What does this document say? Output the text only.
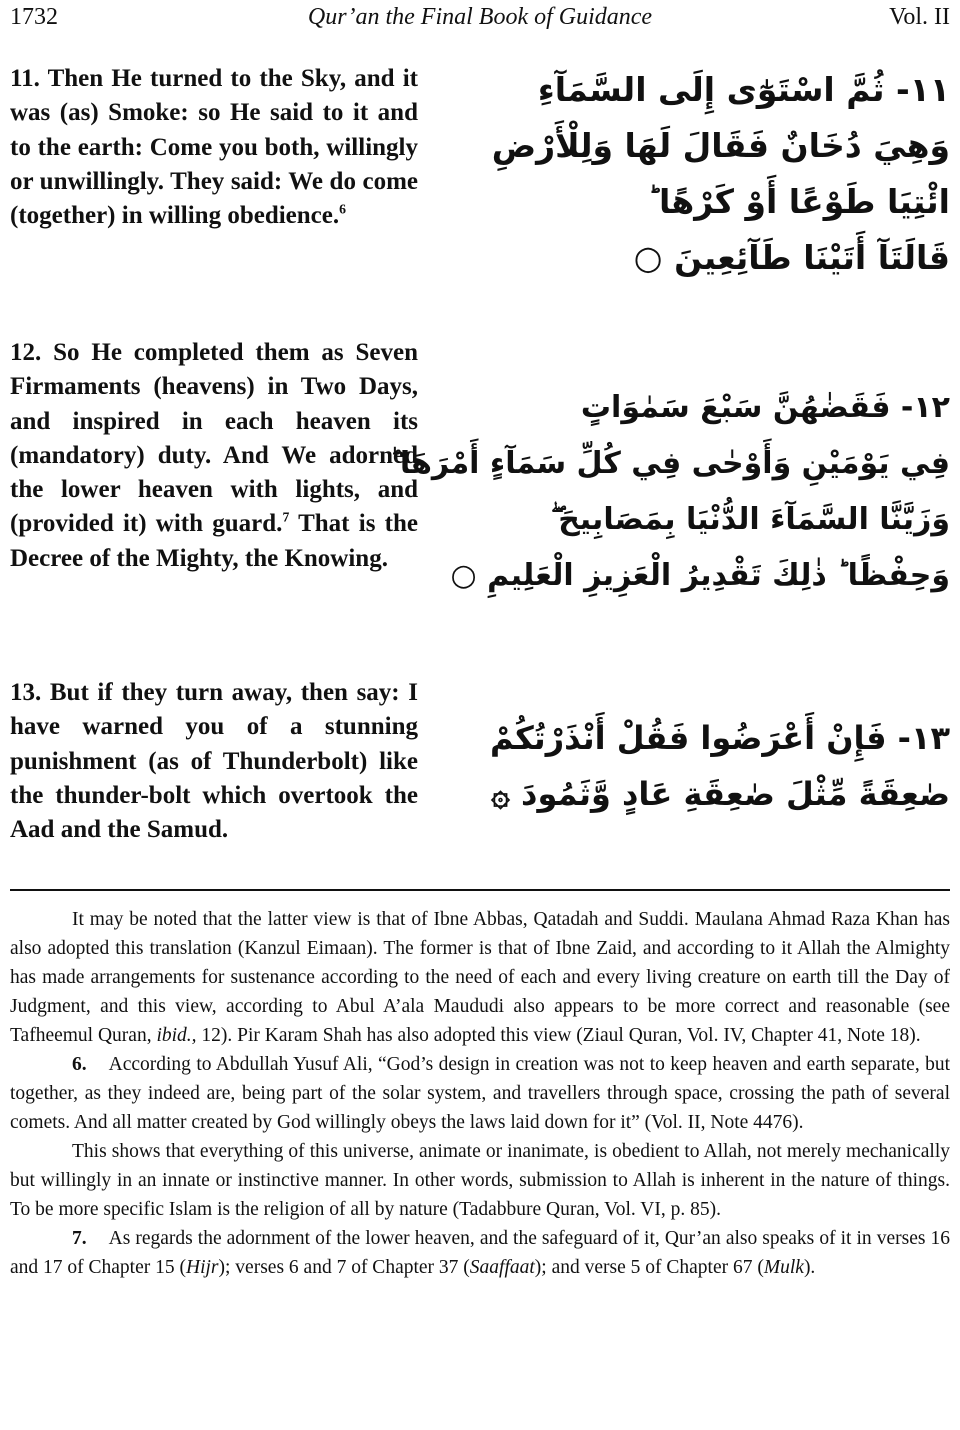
Qur’an the Final Book of Guidance
1732	Vol. II

11. Then He turned to the Sky, and it was (as) Smoke: so He said to it and to the earth: Come you both, willingly or unwillingly. They said: We do come (together) in willing obedience.$^6$

١١- ثُمَّ اسْتَوٰٓى إِلَى السَّمَآءِ
وَهِيَ دُخَانٌ فَقَالَ لَهَا وَلِلْأَرْضِ
ائْتِيَا طَوْعًا أَوْ كَرْهًا ؕ
قَالَتَآ أَتَيْنَا طَآئِعِينَ ○

12. So He completed them as Seven Firmaments (heavens) in Two Days, and inspired in each heaven its (mandatory) duty. And We adorned the lower heaven with lights, and (provided it) with guard.$^7$ That is the Decree of the Mighty, the Knowing.

١٢- فَقَضٰهُنَّ سَبْعَ سَمٰوَاتٍ
فِي يَوْمَيْنِ وَأَوْحٰى فِي كُلِّ سَمَآءٍ أَمْرَهَا ؕ
وَزَيَّنَّا السَّمَآءَ الدُّنْيَا بِمَصَابِيحَ ۖ
وَحِفْظًا ؕ ذٰلِكَ تَقْدِيرُ الْعَزِيزِ الْعَلِيمِ ○

13. But if they turn away, then say: I have warned you of a stunning punishment (as of Thunderbolt) like the thunder-bolt which overtook the Aad and the Samud.

١٣- فَإِنْ أَعْرَضُوا فَقُلْ أَنْذَرْتُكُمْ
صٰعِقَةً مِّثْلَ صٰعِقَةِ عَادٍ وَّثَمُودَ ۞

It may be noted that the latter view is that of Ibne Abbas, Qatadah and Suddi. Maulana Ahmad Raza Khan has also adopted this translation (Kanzul Eimaan). The former is that of Ibne Zaid, and according to it Allah the Almighty has made arrangements for sustenance according to the need of each and every living creature on earth till the Day of Judgment, and this view, according to Abul A’ala Maududi also appears to be more correct and reasonable (see Tafheemul Quran, ibid., 12). Pir Karam Shah has also adopted this view (Ziaul Quran, Vol. IV, Chapter 41, Note 18).

6. According to Abdullah Yusuf Ali, “God’s design in creation was not to keep heaven and earth separate, but together, as they indeed are, being part of the solar system, and travellers through space, crossing the path of several comets. And all matter created by God willingly obeys the laws laid down for it” (Vol. II, Note 4476).

This shows that everything of this universe, animate or inanimate, is obedient to Allah, not merely mechanically but willingly in an innate or instinctive manner. In other words, submission to Allah is inherent in the nature of things. To be more specific Islam is the religion of all by nature (Tadabbure Quran, Vol. VI, p. 85).

7. As regards the adornment of the lower heaven, and the safeguard of it, Qur’an also speaks of it in verses 16 and 17 of Chapter 15 (Hijr); verses 6 and 7 of Chapter 37 (Saaffaat); and verse 5 of Chapter 67 (Mulk).
